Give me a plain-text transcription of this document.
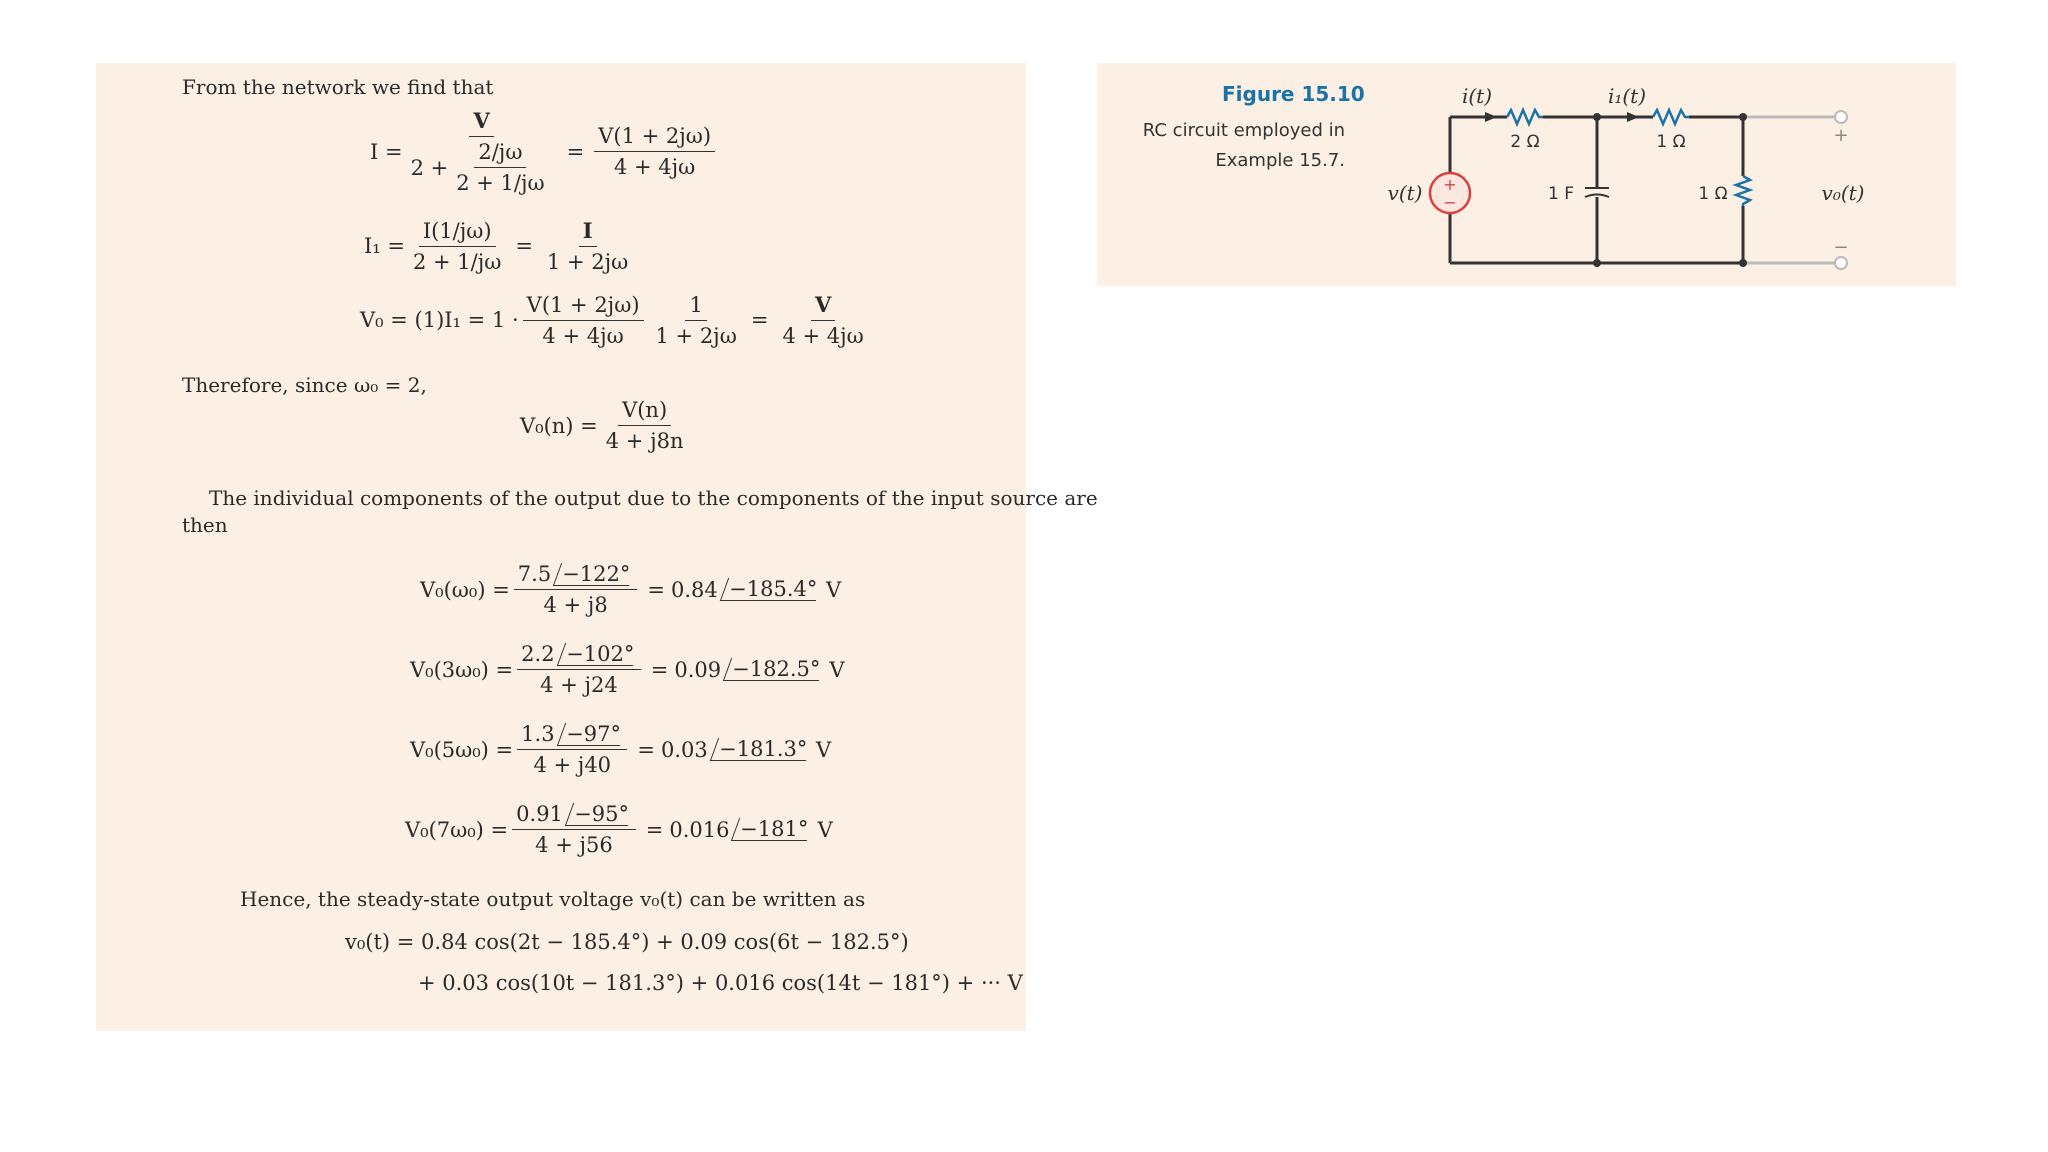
From the network we find that
$I = \frac{V}{2 + \frac{2/j\omega}{2 + 1/j\omega}} = \frac{V(1 + 2j\omega)}{4 + 4j\omega}$
$I_1 = \frac{I(1/j\omega)}{2 + 1/j\omega} = \frac{I}{1 + 2j\omega}$
$V_0 = (1)I_1 = 1 \cdot \frac{V(1 + 2j\omega)}{4 + 4j\omega} \frac{1}{1 + 2j\omega} = \frac{V}{4 + 4j\omega}$
Therefore, since ω₀ = 2,
$V_0(n) = \frac{V(n)}{4 + j8n}$
The individual components of the output due to the components of the input source are
then
$V_0(\omega_0) = \frac{7.5 -122^\circ}{4 + j8} = 0.84 -185.4^\circ$ V
$V_0(3\omega_0) = \frac{2.2 -102^\circ}{4 + j24} = 0.09 -182.5^\circ$ V
$V_0(5\omega_0) = \frac{1.3 -97^\circ}{4 + j40} = 0.03 -181.3^\circ$ V
$V_0(7\omega_0) = \frac{0.91 -95^\circ}{4 + j56} = 0.016 -181^\circ$ V
Hence, the steady-state output voltage v₀(t) can be written as
v₀(t) = 0.84 cos(2t − 185.4°) + 0.09 cos(6t − 182.5°)
+ 0.03 cos(10t − 181.3°) + 0.016 cos(14t − 181°) + ··· V
Figure 15.10
RC circuit employed in
Example 15.7.
+
−
i(t)	i₁(t)
2 Ω	1 Ω
1 F	1 Ω
v(t)	v₀(t)
+
−
